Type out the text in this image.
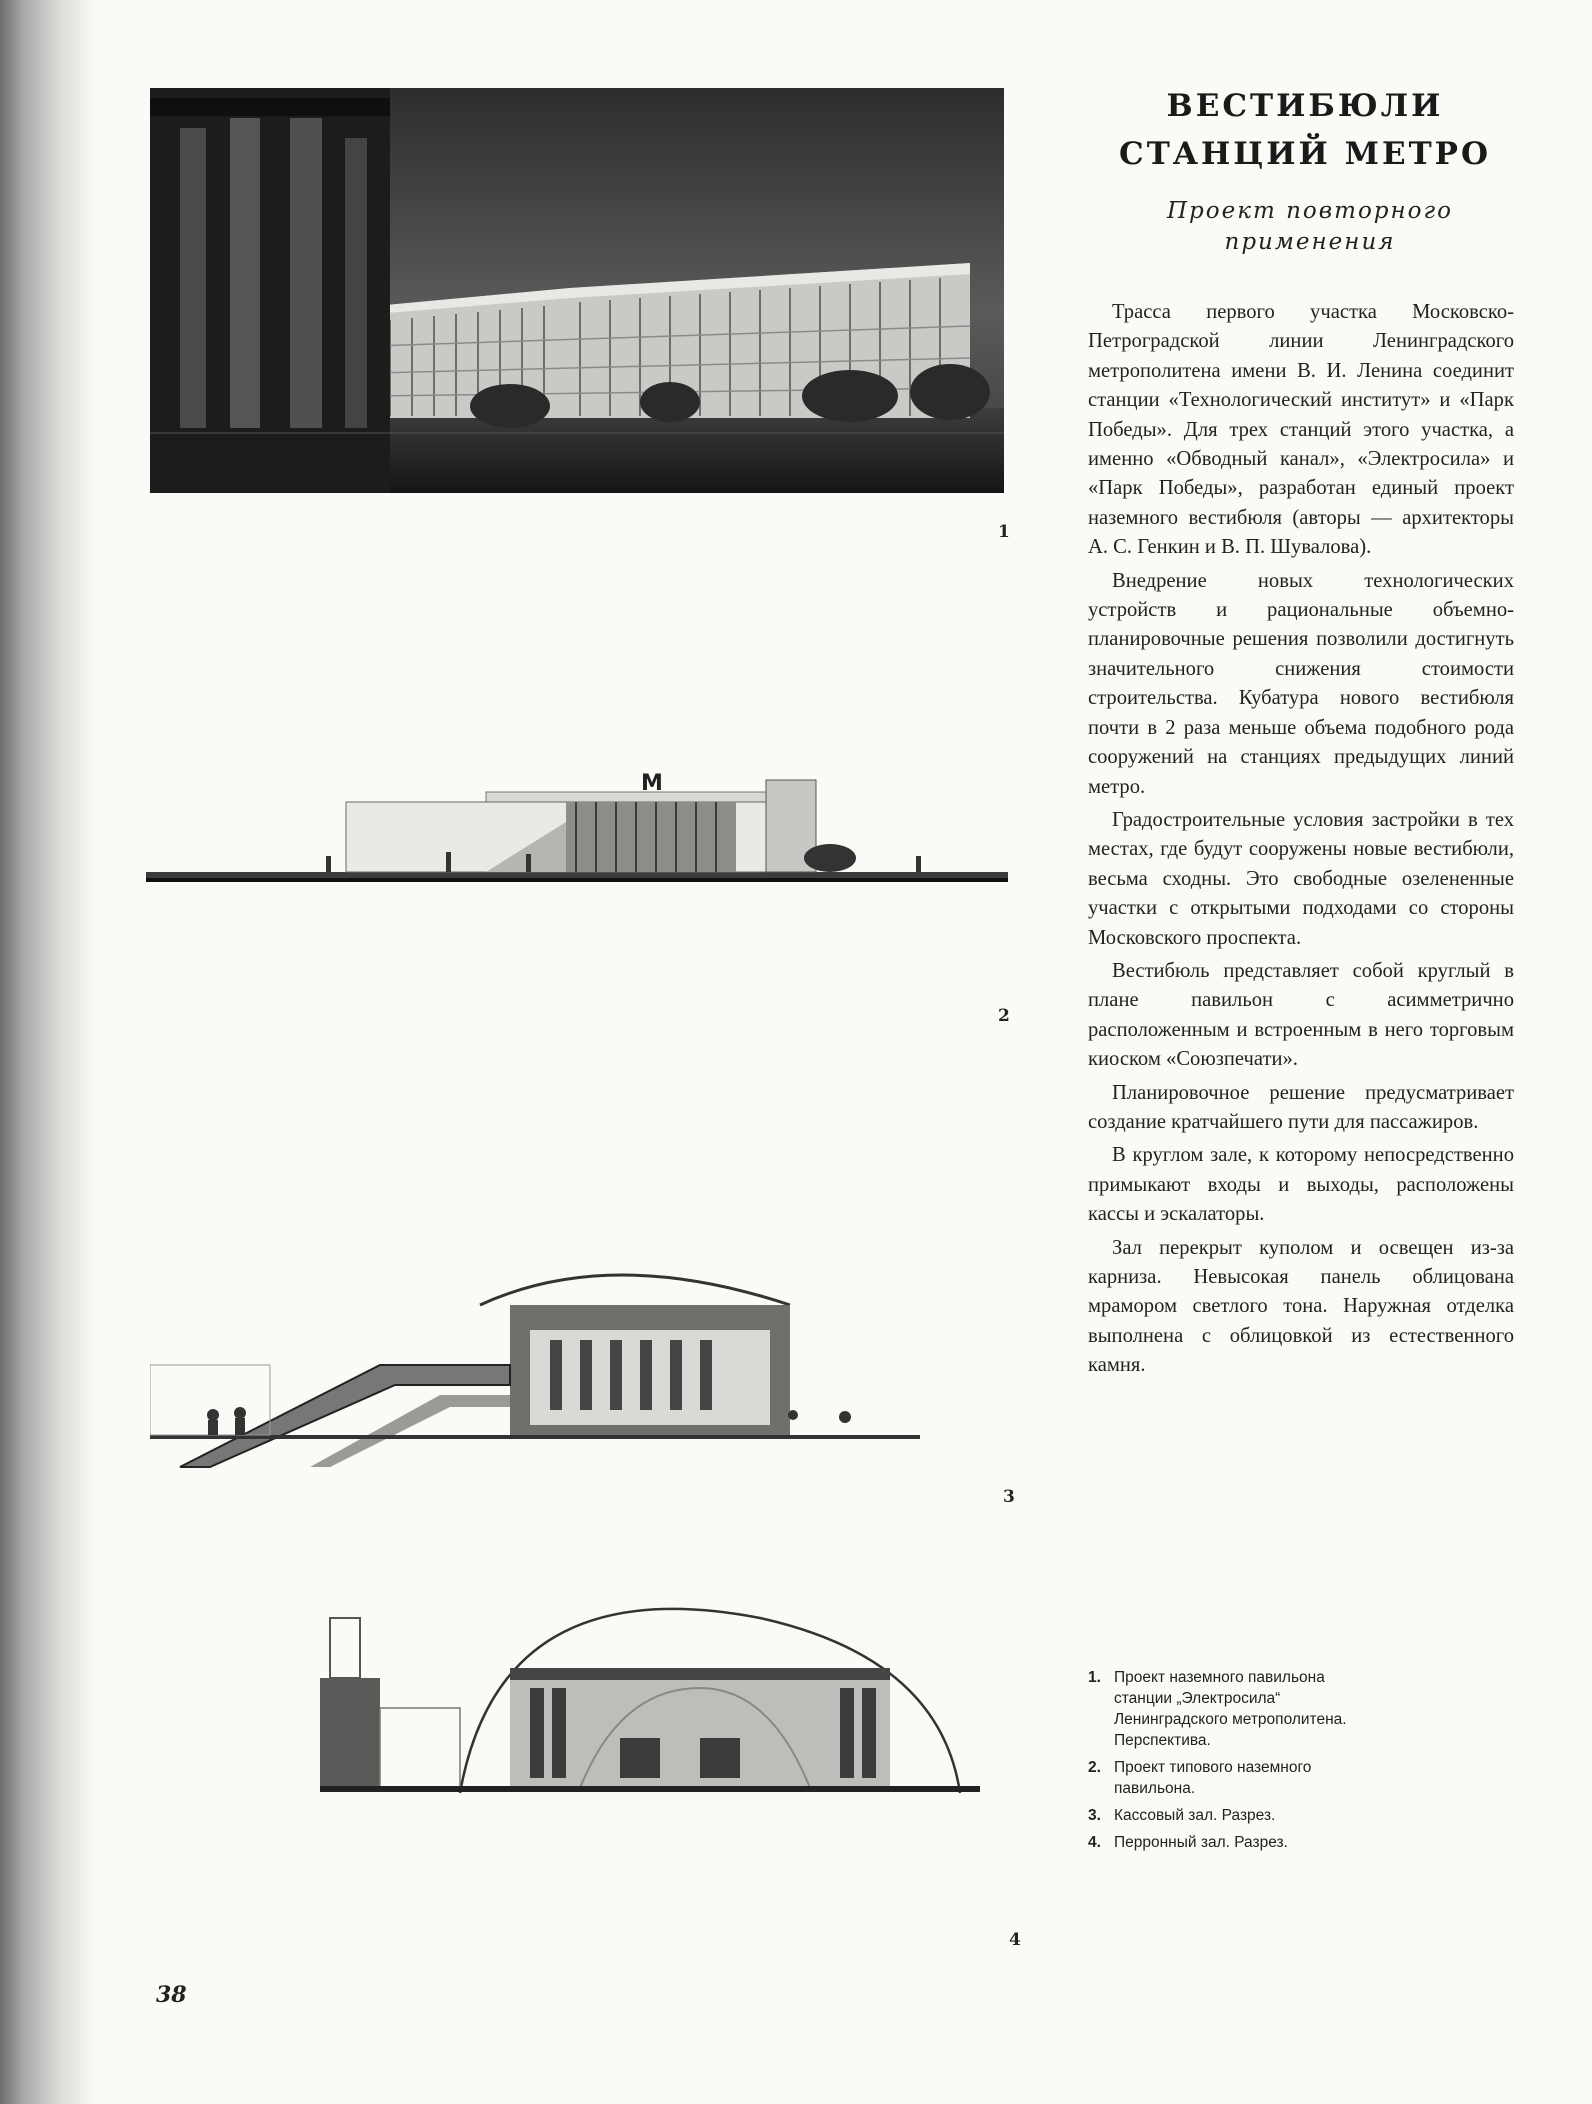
1
М
2
3
4
ВЕСТИБЮЛИ
СТАНЦИЙ МЕТРО
Проект повторного
применения

Трасса первого участка Московско-Петроградской линии Ленинградского метрополитена имени В. И. Ленина соединит станции «Технологический институт» и «Парк Победы». Для трех станций этого участка, а именно «Обводный канал», «Электросила» и «Парк Победы», разработан единый проект наземного вестибюля (авторы — архитекторы А. С. Генкин и В. П. Шувалова).

Внедрение новых технологических устройств и рациональные объемно-планировочные решения позволили достигнуть значительного снижения стоимости строительства. Кубатура нового вестибюля почти в 2 раза меньше объема подобного рода сооружений на станциях предыдущих линий метро.

Градостроительные условия застройки в тех местах, где будут сооружены новые вестибюли, весьма сходны. Это свободные озелененные участки с открытыми подходами со стороны Московского проспекта.

Вестибюль представляет собой круглый в плане павильон с асимметрично расположенным и встроенным в него торговым киоском «Союзпечати».

Планировочное решение предусматривает создание кратчайшего пути для пассажиров.

В круглом зале, к которому непосредственно примыкают входы и выходы, расположены кассы и эскалаторы.

Зал перекрыт куполом и освещен из-за карниза. Невысокая панель облицована мрамором светлого тона. Наружная отделка выполнена с облицовкой из естественного камня.

1. Проект наземного павильона станции „Электросила“ Ленинградского метрополитена. Перспектива.
2. Проект типового наземного павильона.
3. Кассовый зал. Разрез.
4. Перронный зал. Разрез.
38
